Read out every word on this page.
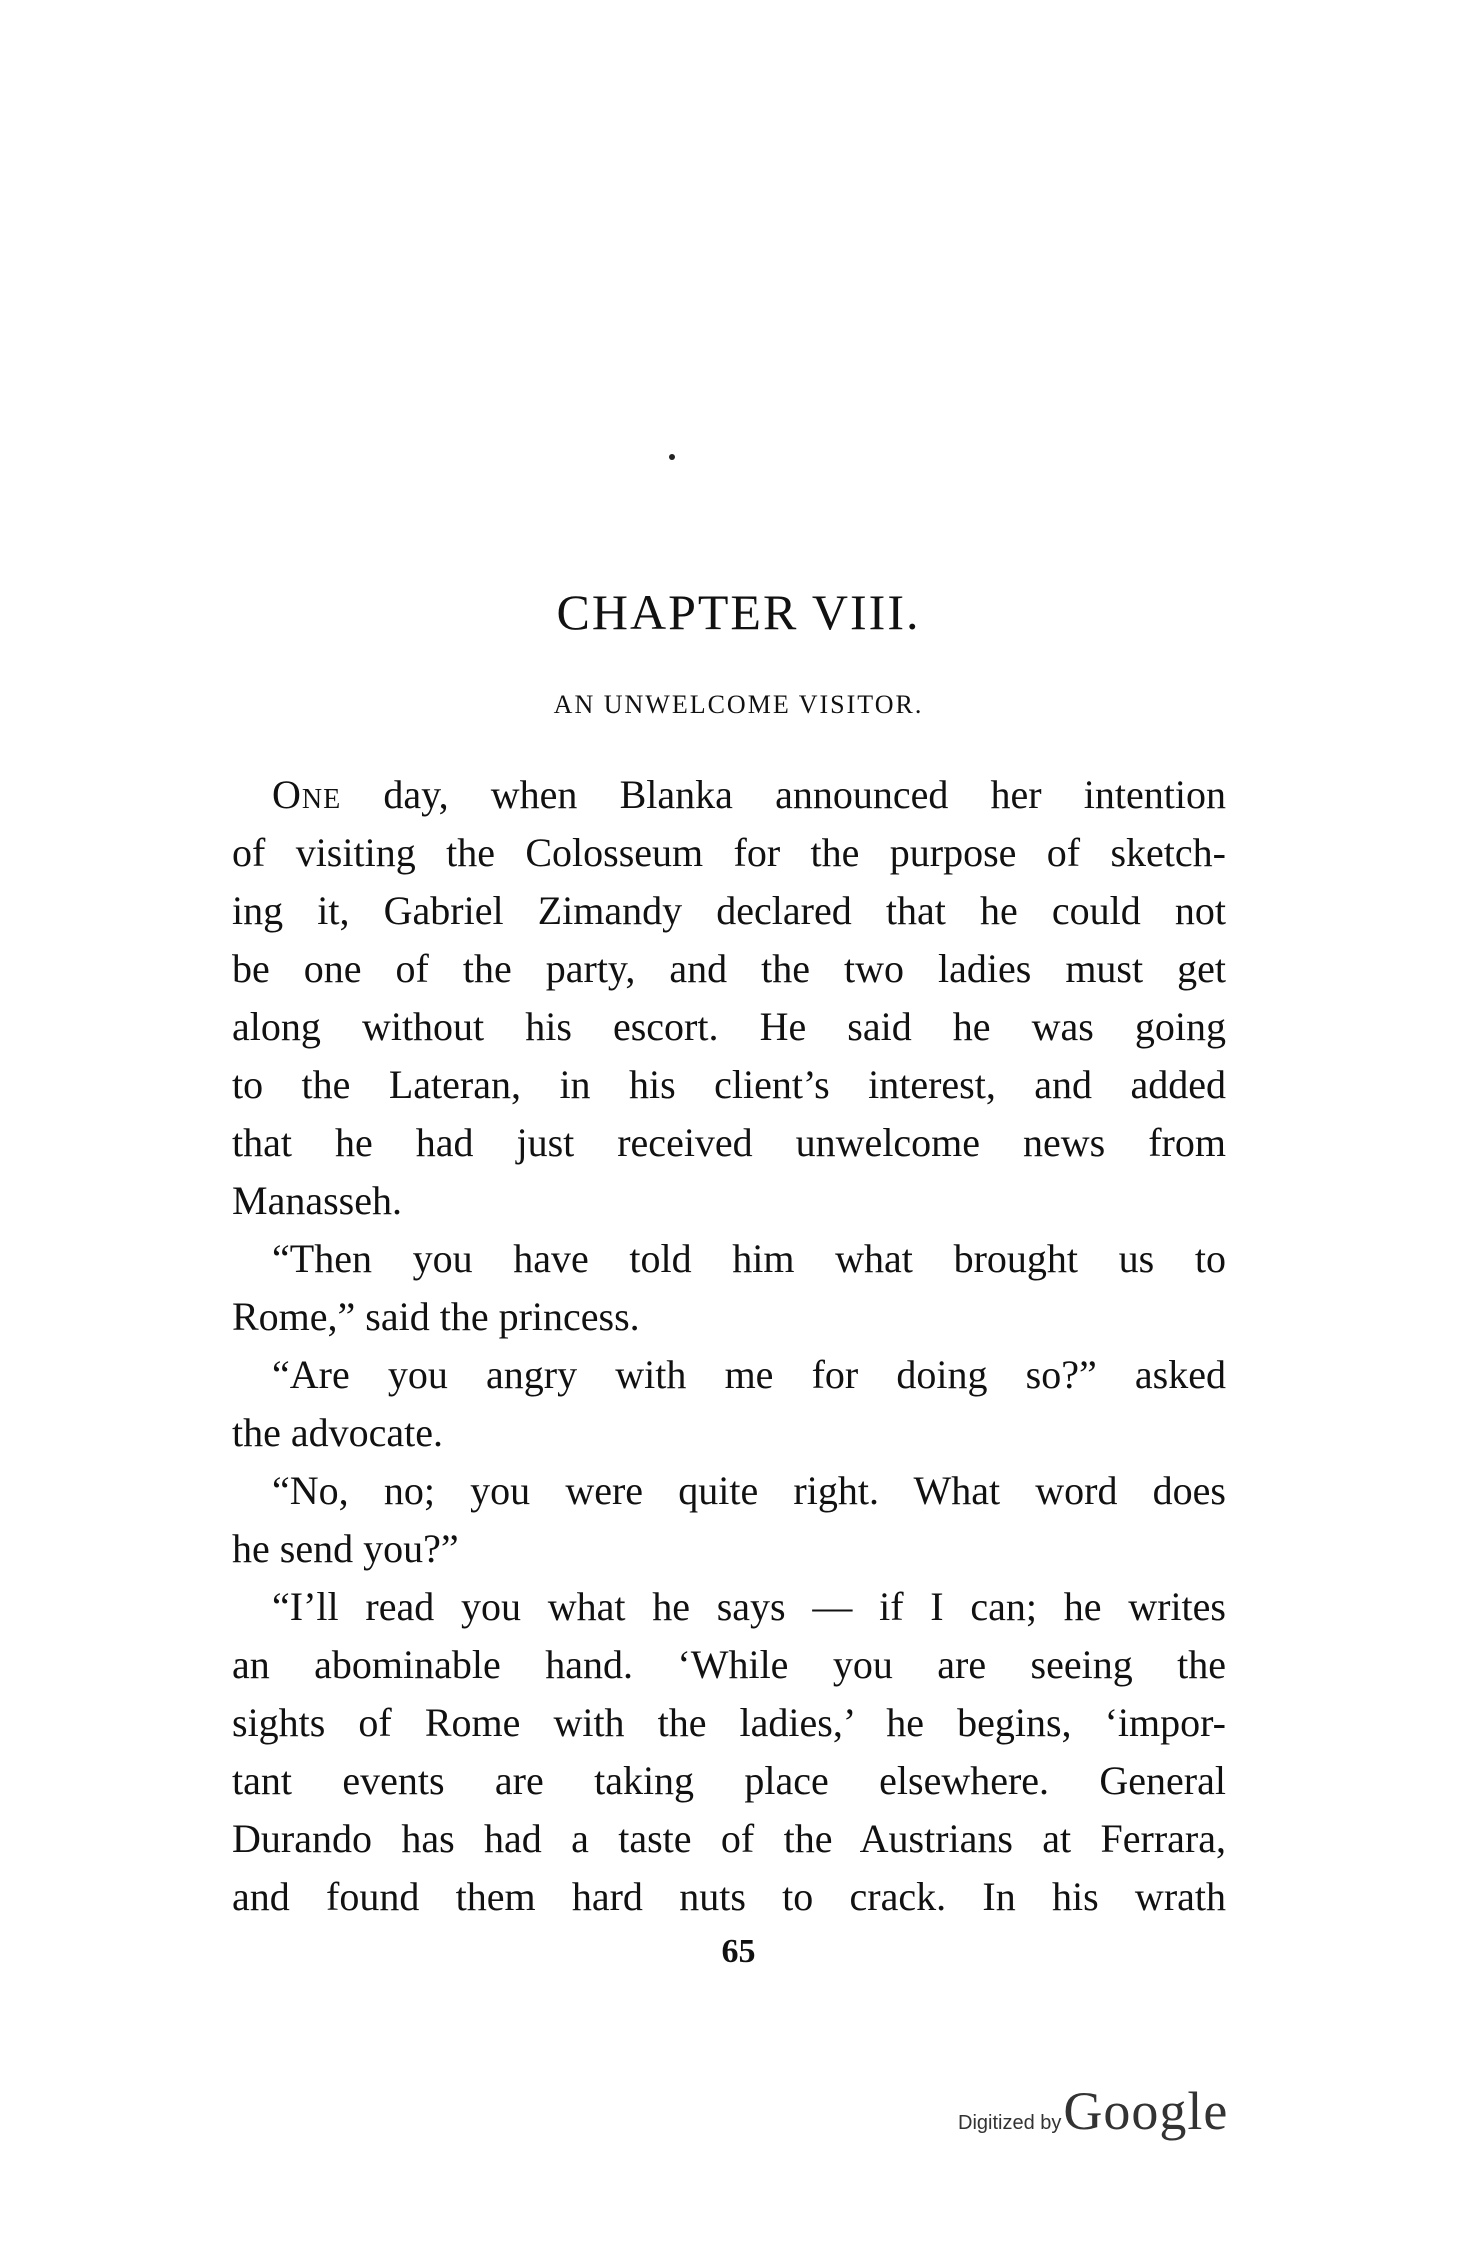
CHAPTER VIII.
AN UNWELCOME VISITOR.
One day, when Blanka announced her intention
of visiting the Colosseum for the purpose of sketch-
ing it, Gabriel Zimandy declared that he could not
be one of the party, and the two ladies must get
along without his escort. He said he was going
to the Lateran, in his client’s interest, and added
that he had just received unwelcome news from
Manasseh.
“Then you have told him what brought us to
Rome,” said the princess.
“Are you angry with me for doing so?” asked
the advocate.
“No, no; you were quite right. What word does
he send you?”
“I’ll read you what he says — if I can; he writes
an abominable hand. ‘While you are seeing the
sights of Rome with the ladies,’ he begins, ‘impor-
tant events are taking place elsewhere. General
Durando has had a taste of the Austrians at Ferrara,
and found them hard nuts to crack. In his wrath
65
Digitized by Google
